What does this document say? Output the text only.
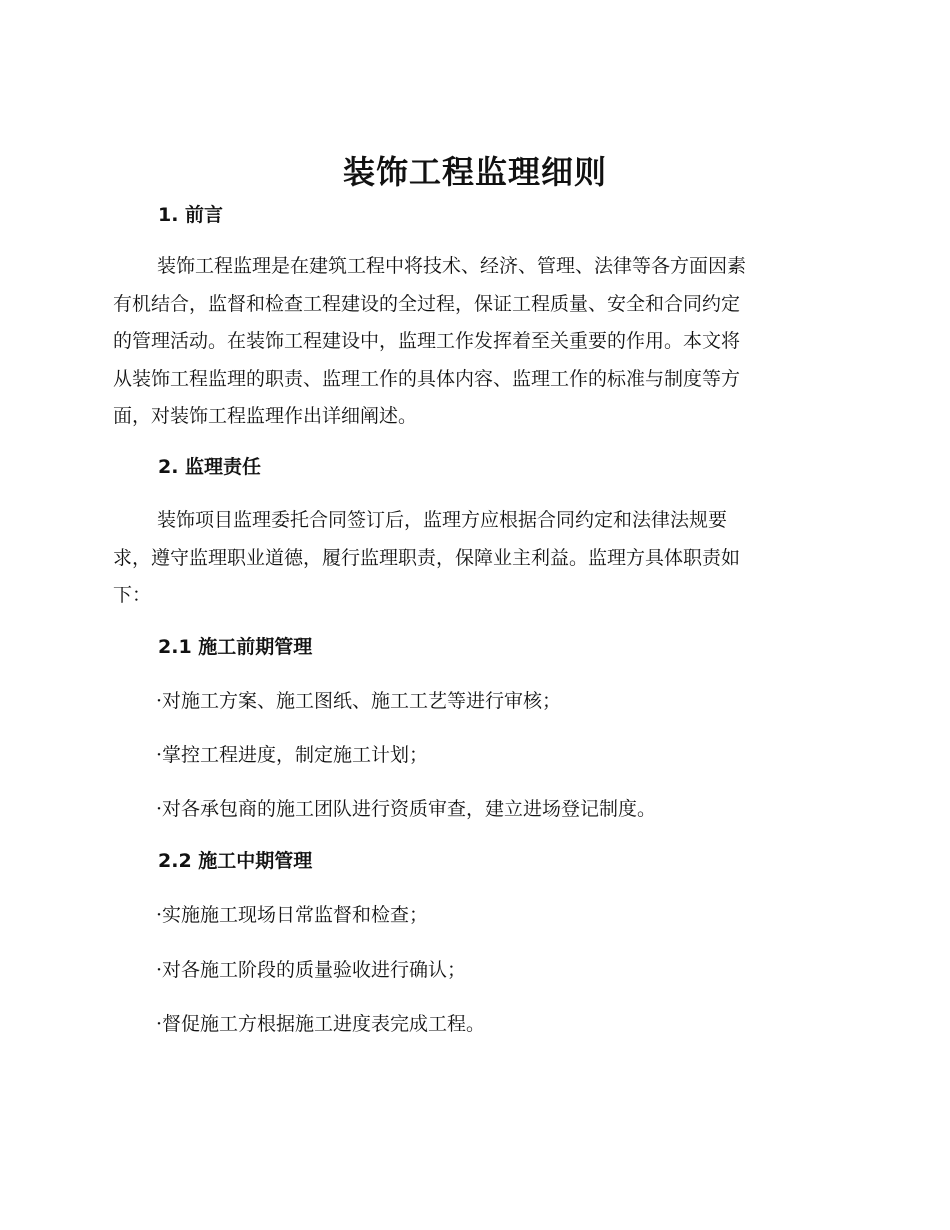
装饰工程监理细则
1. 前言

装饰工程监理是在建筑工程中将技术、经济、管理、法律等各方面因素
有机结合，监督和检查工程建设的全过程，保证工程质量、安全和合同约定
的管理活动。在装饰工程建设中，监理工作发挥着至关重要的作用。本文将
从装饰工程监理的职责、监理工作的具体内容、监理工作的标准与制度等方
面，对装饰工程监理作出详细阐述。

2. 监理责任

装饰项目监理委托合同签订后，监理方应根据合同约定和法律法规要
求，遵守监理职业道德，履行监理职责，保障业主利益。监理方具体职责如
下：

2.1 施工前期管理

·对施工方案、施工图纸、施工工艺等进行审核；

·掌控工程进度，制定施工计划；

·对各承包商的施工团队进行资质审查，建立进场登记制度。

2.2 施工中期管理

·实施施工现场日常监督和检查；

·对各施工阶段的质量验收进行确认；

·督促施工方根据施工进度表完成工程。
